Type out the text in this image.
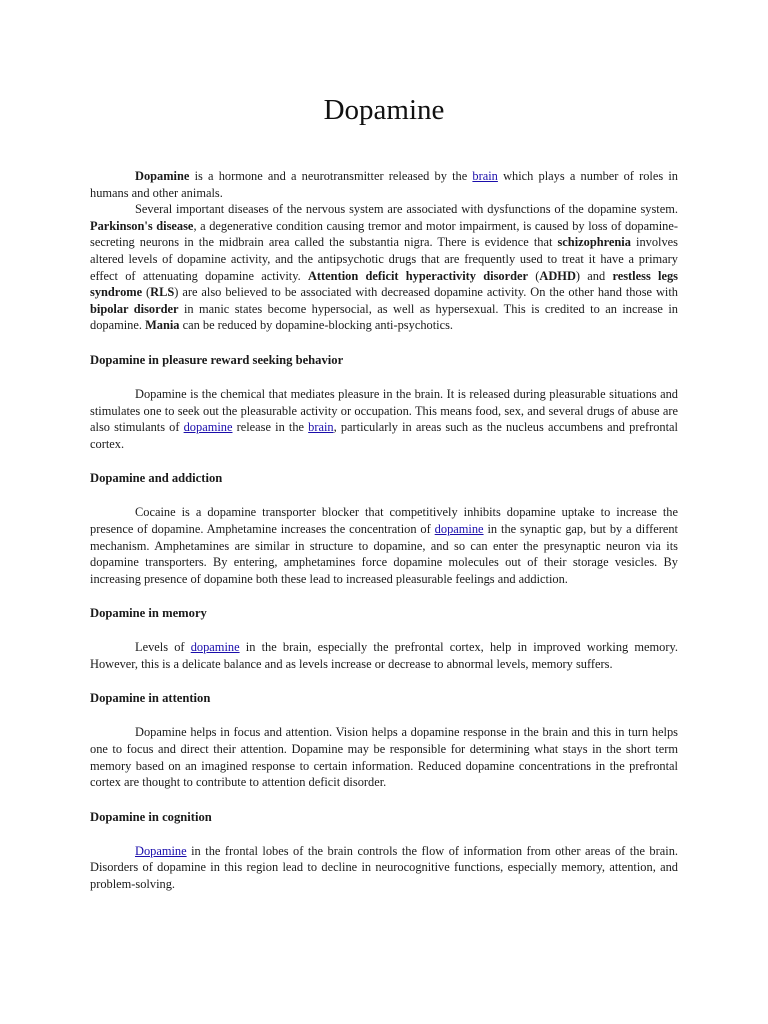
Dopamine

Dopamine is a hormone and a neurotransmitter released by the brain which plays a number of roles in humans and other animals.

Several important diseases of the nervous system are associated with dysfunctions of the dopamine system. Parkinson's disease, a degenerative condition causing tremor and motor impairment, is caused by loss of dopamine-secreting neurons in the midbrain area called the substantia nigra. There is evidence that schizophrenia involves altered levels of dopamine activity, and the antipsychotic drugs that are frequently used to treat it have a primary effect of attenuating dopamine activity. Attention deficit hyperactivity disorder (ADHD) and restless legs syndrome (RLS) are also believed to be associated with decreased dopamine activity. On the other hand those with bipolar disorder in manic states become hypersocial, as well as hypersexual. This is credited to an increase in dopamine. Mania can be reduced by dopamine-blocking anti-psychotics.

Dopamine in pleasure reward seeking behavior

Dopamine is the chemical that mediates pleasure in the brain. It is released during pleasurable situations and stimulates one to seek out the pleasurable activity or occupation. This means food, sex, and several drugs of abuse are also stimulants of dopamine release in the brain, particularly in areas such as the nucleus accumbens and prefrontal cortex.

Dopamine and addiction

Cocaine is a dopamine transporter blocker that competitively inhibits dopamine uptake to increase the presence of dopamine. Amphetamine increases the concentration of dopamine in the synaptic gap, but by a different mechanism. Amphetamines are similar in structure to dopamine, and so can enter the presynaptic neuron via its dopamine transporters. By entering, amphetamines force dopamine molecules out of their storage vesicles. By increasing presence of dopamine both these lead to increased pleasurable feelings and addiction.

Dopamine in memory

Levels of dopamine in the brain, especially the prefrontal cortex, help in improved working memory. However, this is a delicate balance and as levels increase or decrease to abnormal levels, memory suffers.

Dopamine in attention

Dopamine helps in focus and attention. Vision helps a dopamine response in the brain and this in turn helps one to focus and direct their attention. Dopamine may be responsible for determining what stays in the short term memory based on an imagined response to certain information. Reduced dopamine concentrations in the prefrontal cortex are thought to contribute to attention deficit disorder.

Dopamine in cognition

Dopamine in the frontal lobes of the brain controls the flow of information from other areas of the brain. Disorders of dopamine in this region lead to decline in neurocognitive functions, especially memory, attention, and problem-solving.
